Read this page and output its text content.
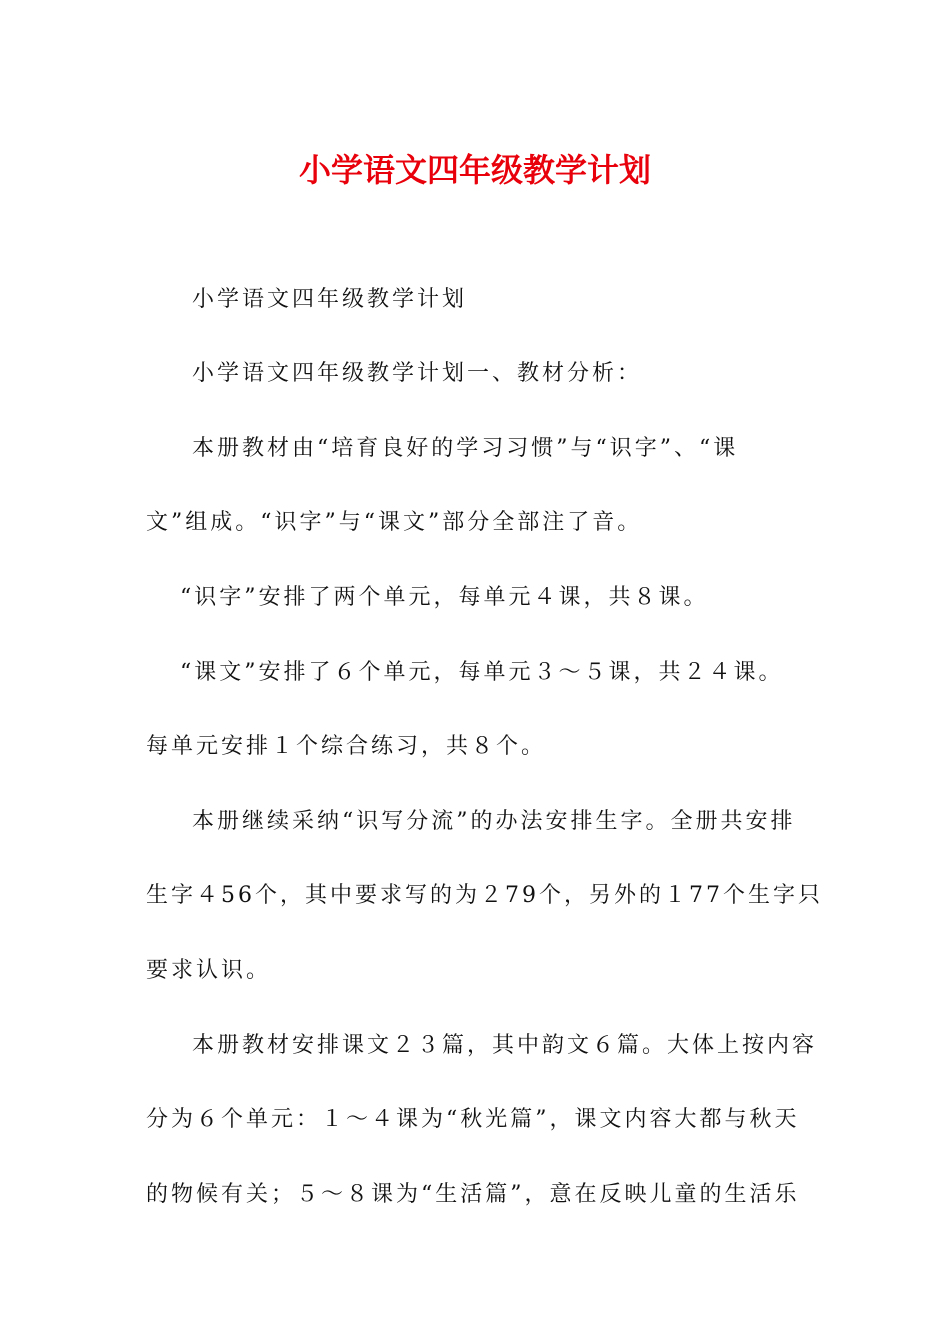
小学语文四年级教学计划
小学语文四年级教学计划
小学语文四年级教学计划一、教材分析：
本册教材由“培育良好的学习习惯”与“识字”、“课
文”组成。“识字”与“课文”部分全部注了音。
“识字”安排了两个单元，每单元４课，共８课。
“课文”安排了６个单元，每单元３～５课，共２４课。
每单元安排１个综合练习，共８个。
本册继续采纳“识写分流”的办法安排生字。全册共安排
生字４56个，其中要求写的为２79个，另外的１77个生字只
要求认识。
本册教材安排课文２３篇，其中韵文６篇。大体上按内容
分为６个单元：１～４课为“秋光篇”，课文内容大都与秋天
的物候有关；５～８课为“生活篇”，意在反映儿童的生活乐
